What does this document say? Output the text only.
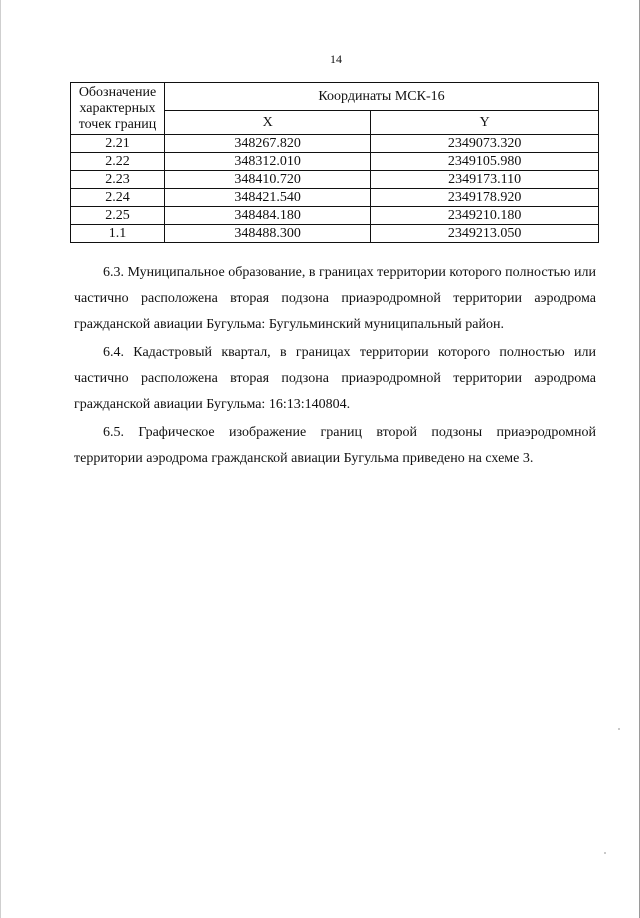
14
Обозначение
характерных
точек границ	Координаты МСК-16	
	X	Y
2.21	348267.820	2349073.320
2.22	348312.010	2349105.980
2.23	348410.720	2349173.110
2.24	348421.540	2349178.920
2.25	348484.180	2349210.180
1.1	348488.300	2349213.050

6.3. Муниципальное образование, в границах территории которого полностью или частично расположена вторая подзона приаэродромной территории аэродрома гражданской авиации Бугульма: Бугульминский муниципальный район.

6.4. Кадастровый квартал, в границах территории которого полностью или частично расположена вторая подзона приаэродромной территории аэродрома гражданской авиации Бугульма: 16:13:140804.

6.5. Графическое изображение границ второй подзоны приаэродромной территории аэродрома гражданской авиации Бугульма приведено на схеме 3.
